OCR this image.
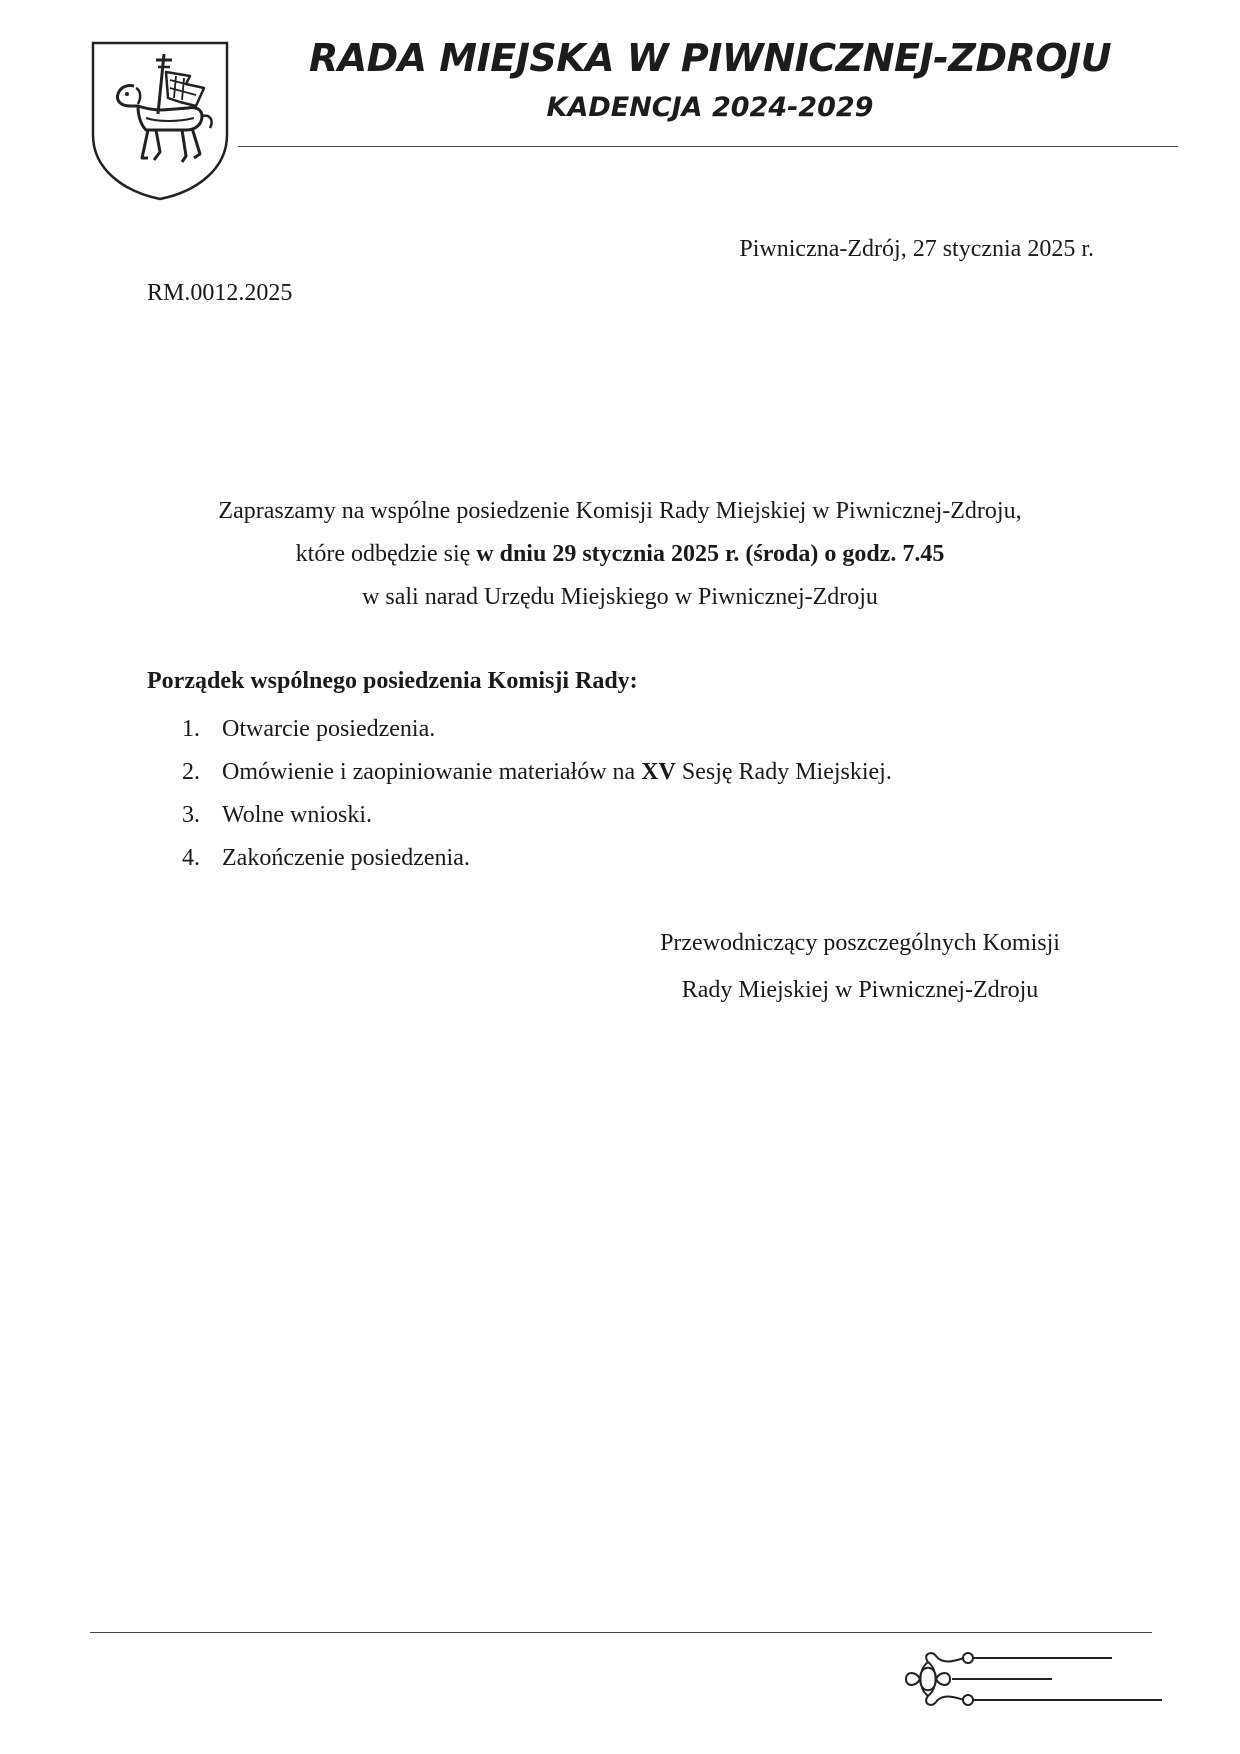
RADA MIEJSKA W PIWNICZNEJ-ZDROJU
KADENCJA 2024-2029
Piwniczna-Zdrój, 27 stycznia 2025 r.
RM.0012.2025
Zapraszamy na wspólne posiedzenie Komisji Rady Miejskiej w Piwnicznej-Zdroju,
które odbędzie się w dniu 29 stycznia 2025 r. (środa) o godz. 7.45
w sali narad Urzędu Miejskiego w Piwnicznej-Zdroju
Porządek wspólnego posiedzenia Komisji Rady:
1. Otwarcie posiedzenia.
2. Omówienie i zaopiniowanie materiałów na XV Sesję Rady Miejskiej.
3. Wolne wnioski.
4. Zakończenie posiedzenia.
Przewodniczący poszczególnych Komisji
Rady Miejskiej w Piwnicznej-Zdroju
